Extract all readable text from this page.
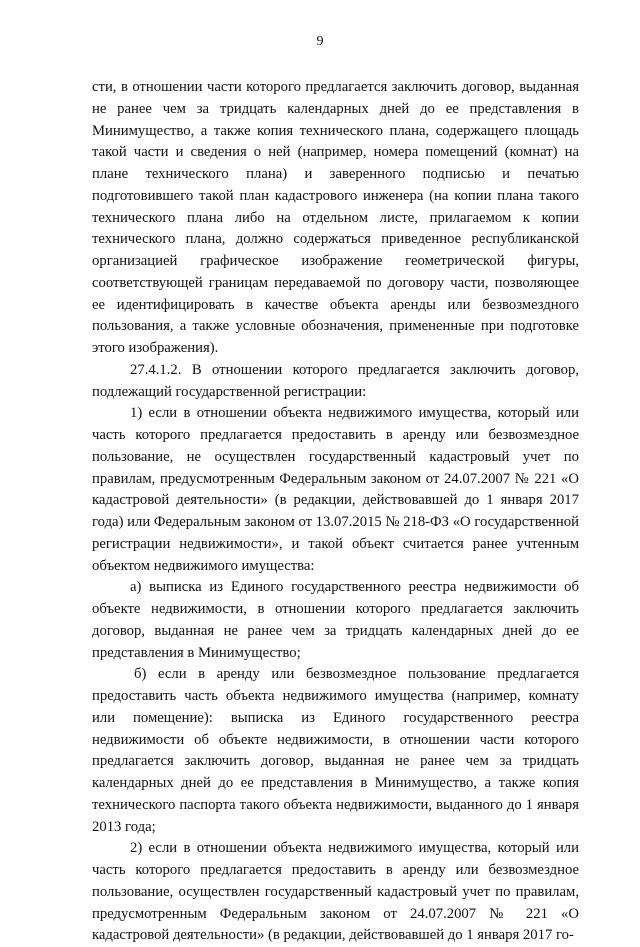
9

сти, в отношении части которого предлагается заключить договор, выданная не ранее чем за тридцать календарных дней до ее представления в Минимущество, а также копия технического плана, содержащего площадь такой части и сведения о ней (например, номера помещений (комнат) на плане технического плана) и заверенного подписью и печатью подготовившего такой план кадастрового инженера (на копии плана такого технического плана либо на отдельном листе, прилагаемом к копии технического плана, должно содержаться приведенное республиканской организацией графическое изображение геометрической фигуры, соответствующей границам передаваемой по договору части, позволяющее ее идентифицировать в качестве объекта аренды или безвозмездного пользования, а также условные обозначения, примененные при подготовке этого изображения).

27.4.1.2. В отношении которого предлагается заключить договор, подлежащий государственной регистрации:

1) если в отношении объекта недвижимого имущества, который или часть которого предлагается предоставить в аренду или безвозмездное пользование, не осуществлен государственный кадастровый учет по правилам, предусмотренным Федеральным законом от 24.07.2007 № 221 «О кадастровой деятельности» (в редакции, действовавшей до 1 января 2017 года) или Федеральным законом от 13.07.2015 № 218-ФЗ «О государственной регистрации недвижимости», и такой объект считается ранее учтенным объектом недвижимого имущества:

а) выписка из Единого государственного реестра недвижимости об объекте недвижимости, в отношении которого предлагается заключить договор, выданная не ранее чем за тридцать календарных дней до ее представления в Минимущество;

б) если в аренду или безвозмездное пользование предлагается предоставить часть объекта недвижимого имущества (например, комнату или помещение): выписка из Единого государственного реестра недвижимости об объекте недвижимости, в отношении части которого предлагается заключить договор, выданная не ранее чем за тридцать календарных дней до ее представления в Минимущество, а также копия технического паспорта такого объекта недвижимости, выданного до 1 января 2013 года;

2) если в отношении объекта недвижимого имущества, который или часть которого предлагается предоставить в аренду или безвозмездное пользование, осуществлен государственный кадастровый учет по правилам, предусмотренным Федеральным законом от 24.07.2007 № 221 «О кадастровой деятельности» (в редакции, действовавшей до 1 января 2017 го-
